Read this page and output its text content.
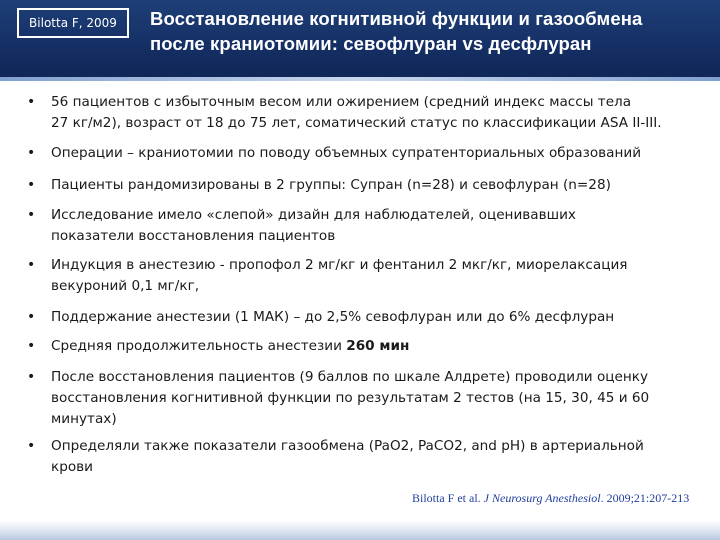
Bilotta F, 2009	Восстановление когнитивной функции и газообмена
после краниотомии: севофлуран vs десфлуран
• 56 пациентов с избыточным весом или ожирением (средний индекс массы тела
27 кг/м2), возраст от 18 до 75 лет, соматический статус по классификации ASA II-III.
• Операции – краниотомии по поводу объемных супратенториальных образований
• Пациенты рандомизированы в 2 группы: Супран (n=28) и севофлуран (n=28)
• Исследование имело «слепой» дизайн для наблюдателей, оценивавших
показатели восстановления пациентов
• Индукция в анестезию - пропофол 2 мг/кг и фентанил 2 мкг/кг, миорелаксация
векуроний 0,1 мг/кг,
• Поддержание анестезии (1 МАК) – до 2,5% севофлуран или до 6% десфлуран
• Средняя продолжительность анестезии 260 мин
• После восстановления пациентов (9 баллов по шкале Алдрете) проводили оценку
восстановления когнитивной функции по результатам 2 тестов (на 15, 30, 45 и 60
минутах)
• Определяли также показатели газообмена (PaO2, PaCO2, and pH) в артериальной
крови
Bilotta F et al. J Neurosurg Anesthesiol. 2009;21:207-213
